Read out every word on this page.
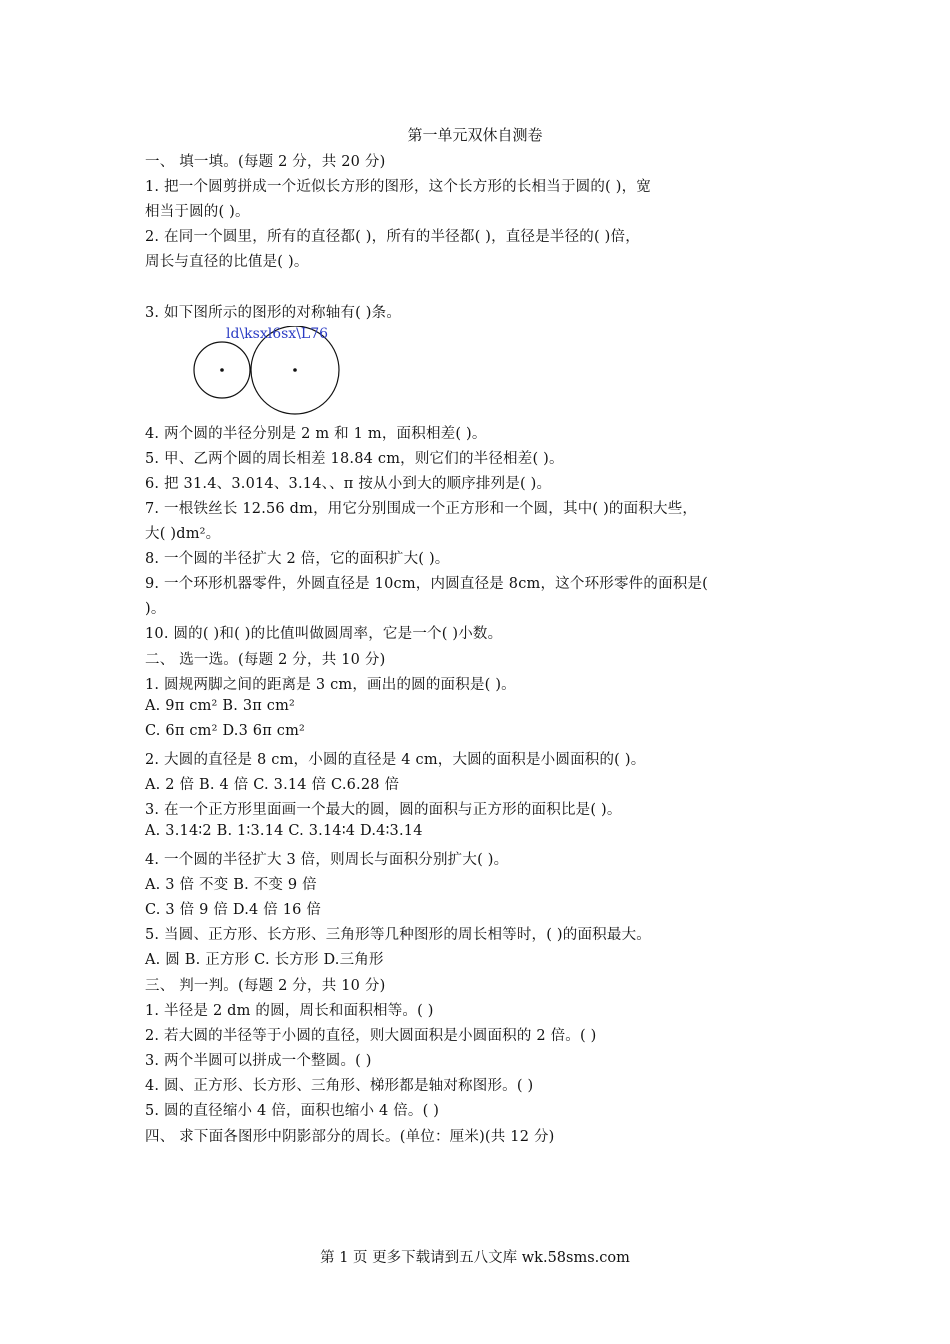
第一单元双休自测卷
一、 填一填。(每题 2 分，共 20 分)
1. 把一个圆剪拼成一个近似长方形的图形，这个长方形的长相当于圆的( )，宽
相当于圆的( )。
2. 在同一个圆里，所有的直径都( )，所有的半径都( )，直径是半径的( )倍，
周长与直径的比值是( )。
3. 如下图所示的图形的对称轴有( )条。
ld\ksxl6sx\L76
4. 两个圆的半径分别是 2 m 和 1 m，面积相差( )。
5. 甲、乙两个圆的周长相差 18.84 cm，则它们的半径相差( )。
6. 把 31.4、3.014、3.14、、π 按从小到大的顺序排列是( )。
7. 一根铁丝长 12.56 dm，用它分别围成一个正方形和一个圆，其中( )的面积大些，
大( )dm²。
8. 一个圆的半径扩大 2 倍，它的面积扩大( )。
9. 一个环形机器零件，外圆直径是 10cm，内圆直径是 8cm，这个环形零件的面积是(
)。
10. 圆的( )和( )的比值叫做圆周率，它是一个( )小数。
二、 选一选。(每题 2 分，共 10 分)
1. 圆规两脚之间的距离是 3 cm，画出的圆的面积是( )。
A. 9π cm² B. 3π cm²
C. 6π cm² D.3 6π cm²
2. 大圆的直径是 8 cm，小圆的直径是 4 cm，大圆的面积是小圆面积的( )。
A. 2 倍 B. 4 倍 C. 3.14 倍 C.6.28 倍
3. 在一个正方形里面画一个最大的圆，圆的面积与正方形的面积比是( )。
A. 3.14∶2 B. 1∶3.14 C. 3.14∶4 D.4∶3.14
4. 一个圆的半径扩大 3 倍，则周长与面积分别扩大( )。
A. 3 倍 不变 B. 不变 9 倍
C. 3 倍 9 倍 D.4 倍 16 倍
5. 当圆、正方形、长方形、三角形等几种图形的周长相等时，( )的面积最大。
A. 圆 B. 正方形 C. 长方形 D.三角形
三、 判一判。(每题 2 分，共 10 分)
1. 半径是 2 dm 的圆，周长和面积相等。( )
2. 若大圆的半径等于小圆的直径，则大圆面积是小圆面积的 2 倍。( )
3. 两个半圆可以拼成一个整圆。( )
4. 圆、正方形、长方形、三角形、梯形都是轴对称图形。( )
5. 圆的直径缩小 4 倍，面积也缩小 4 倍。( )
四、 求下面各图形中阴影部分的周长。(单位：厘米)(共 12 分)
第 1 页 更多下载请到五八文库 wk.58sms.com
